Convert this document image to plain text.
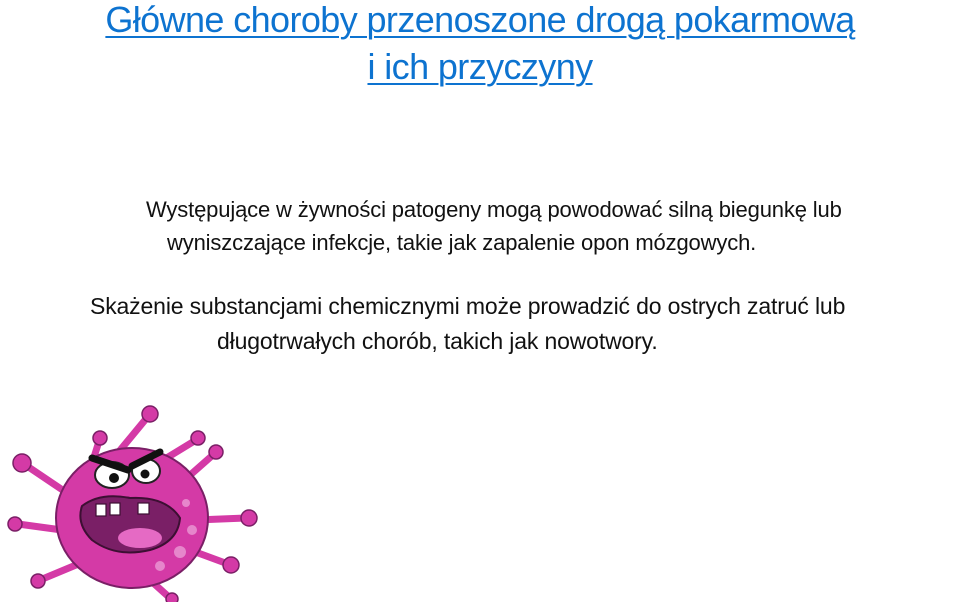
Główne choroby przenoszone drogą pokarmową
i ich przyczyny
Występujące w żywności patogeny mogą powodować silną biegunkę lub
wyniszczające infekcje, takie jak zapalenie opon mózgowych.
Skażenie substancjami chemicznymi może prowadzić do ostrych zatruć lub
długotrwałych chorób, takich jak nowotwory.
